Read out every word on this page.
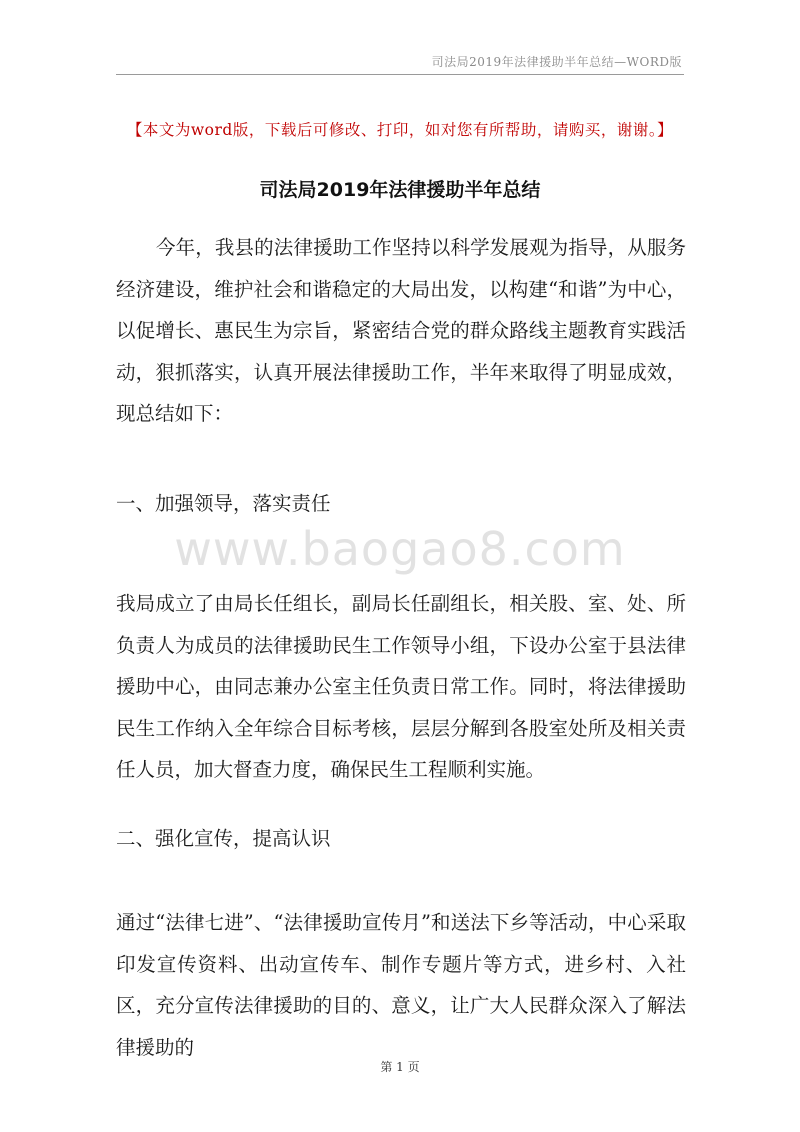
司法局2019年法律援助半年总结—WORD版
【本文为word版，下载后可修改、打印，如对您有所帮助，请购买，谢谢。】
司法局2019年法律援助半年总结

今年，我县的法律援助工作坚持以科学发展观为指导，从服务经济建设，维护社会和谐稳定的大局出发，以构建“和谐”为中心，以促增长、惠民生为宗旨，紧密结合党的群众路线主题教育实践活动，狠抓落实，认真开展法律援助工作，半年来取得了明显成效，现总结如下：

一、加强领导，落实责任

www.baogao8.com

我局成立了由局长任组长，副局长任副组长，相关股、室、处、所负责人为成员的法律援助民生工作领导小组，下设办公室于县法律援助中心，由同志兼办公室主任负责日常工作。同时，将法律援助民生工作纳入全年综合目标考核，层层分解到各股室处所及相关责任人员，加大督查力度，确保民生工程顺利实施。

二、强化宣传，提高认识

通过“法律七进”、“法律援助宣传月”和送法下乡等活动，中心采取印发宣传资料、出动宣传车、制作专题片等方式，进乡村、入社区，充分宣传法律援助的目的、意义，让广大人民群众深入了解法律援助的

第 1 页
